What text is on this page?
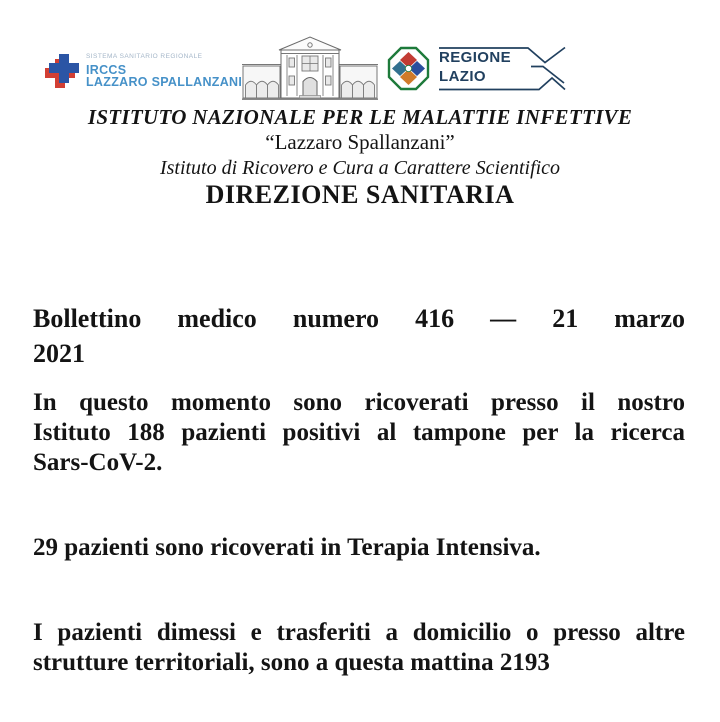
SISTEMA SANITARIO REGIONALE
IRCCS
LAZZARO SPALLANZANI
REGIONE
LAZIO
ISTITUTO NAZIONALE PER LE MALATTIE INFETTIVE
“Lazzaro Spallanzani”
Istituto di Ricovero e Cura a Carattere Scientifico
DIREZIONE SANITARIA
Bollettino medico numero 416 — 21 marzo
2021
In questo momento sono ricoverati presso il nostro
Istituto 188 pazienti positivi al tampone per la ricerca
Sars-CoV-2.
29 pazienti sono ricoverati in Terapia Intensiva.
I pazienti dimessi e trasferiti a domicilio o presso altre
strutture territoriali, sono a questa mattina 2193
